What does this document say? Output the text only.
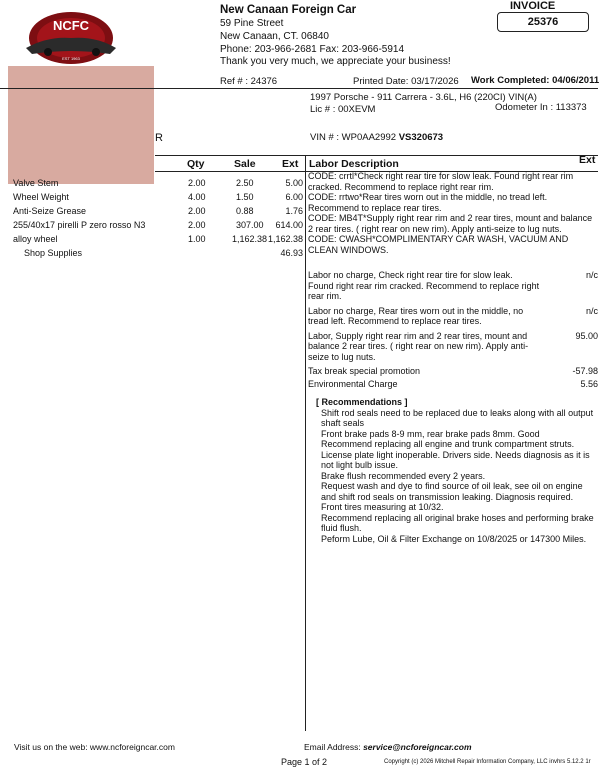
NCFC
EST 1963
New Canaan Foreign Car
59 Pine Street
New Canaan, CT. 06840
Phone: 203-966-2681 Fax: 203-966-5914
Thank you very much, we appreciate your business!
INVOICE
25376
R
Ref # : 24376	Printed Date: 03/17/2026 Work Completed: 04/06/2011
1997 Porsche - 911 Carrera - 3.6L, H6 (220CI) VIN(A)
Lic # : 00XEVM	Odometer In : 113373
VIN # : WP0AA2992 VS320673
Qty	Sale	Ext Labor Description	Ext
Valve Stem	2.00	2.50	5.00
Wheel Weight	4.00	1.50	6.00
Anti-Seize Grease	2.00	0.88	1.76
255/40x17 pirelli P zero rosso N3	2.00	307.00 614.00
alloy wheel	1.00	1,162.38 1,162.38
Shop Supplies	46.93
CODE: crrtl*Check right rear tire for slow leak. Found right rear rim cracked. Recommend to replace right rear rim.
CODE: rrtwo*Rear tires worn out in the middle, no tread left. Recommend to replace rear tires.
CODE: MB4T*Supply right rear rim and 2 rear tires, mount and balance 2 rear tires. ( right rear on new rim). Apply anti-seize to lug nuts.
CODE: CWASH*COMPLIMENTARY CAR WASH, VACUUM AND CLEAN WINDOWS.
Labor no charge, Check right rear tire for slow leak. Found right rear rim cracked. Recommend to replace right rear rim.
n/c
Labor no charge, Rear tires worn out in the middle, no tread left. Recommend to replace rear tires.
n/c
Labor, Supply right rear rim and 2 rear tires, mount and balance 2 rear tires. ( right rear on new rim). Apply anti-seize to lug nuts.
95.00
Tax break special promotion	-57.98
Environmental Charge	5.56
[ Recommendations ]
Shift rod seals need to be replaced due to leaks along with all output shaft seals
Front brake pads 8-9 mm, rear brake pads 8mm. Good
Recommend replacing all engine and trunk compartment struts.
License plate light inoperable. Drivers side. Needs diagnosis as it is not light bulb issue.
Brake flush recommended every 2 years.
Request wash and dye to find source of oil leak, see oil on engine and shift rod seals on transmission leaking. Diagnosis required.
Front tires measuring at 10/32.
Recommend replacing all original brake hoses and performing brake fluid flush.
Peform Lube, Oil & Filter Exchange on 10/8/2025 or 147300 Miles.
Visit us on the web: www.ncforeigncar.com	Email Address: service@ncforeigncar.com
Page 1 of 2	Copyright (c) 2026 Mitchell Repair Information Company, LLC invhrs 5.12.2 1r
